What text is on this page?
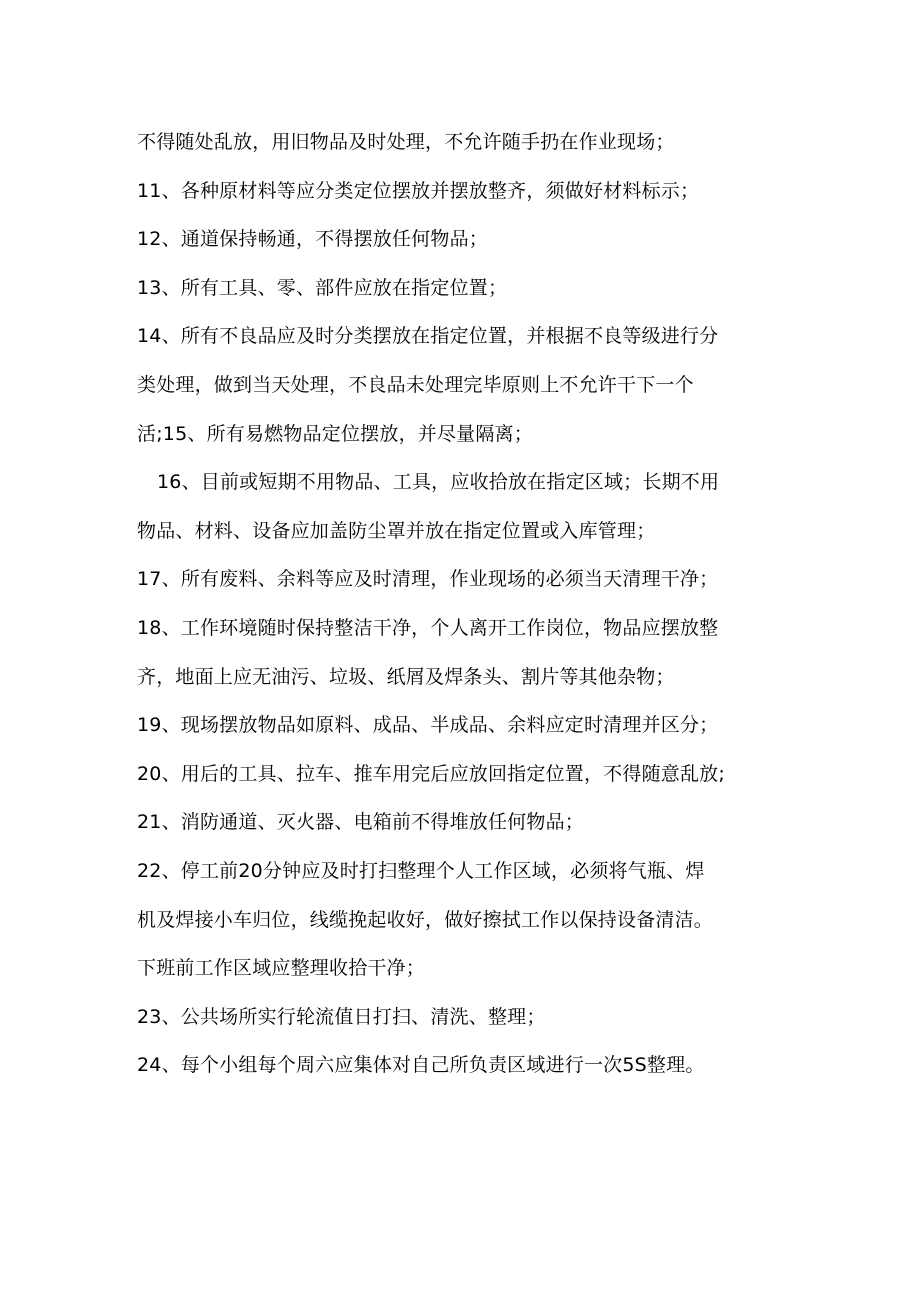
不得随处乱放，用旧物品及时处理，不允许随手扔在作业现场；
11、各种原材料等应分类定位摆放并摆放整齐，须做好材料标示；
12、通道保持畅通，不得摆放任何物品；
13、所有工具、零、部件应放在指定位置；
14、所有不良品应及时分类摆放在指定位置，并根据不良等级进行分
类处理，做到当天处理，不良品未处理完毕原则上不允许干下一个
活;15、所有易燃物品定位摆放，并尽量隔离；
16、目前或短期不用物品、工具，应收拾放在指定区域；长期不用
物品、材料、设备应加盖防尘罩并放在指定位置或入库管理；
17、所有废料、余料等应及时清理，作业现场的必须当天清理干净；
18、工作环境随时保持整洁干净，个人离开工作岗位，物品应摆放整
齐，地面上应无油污、垃圾、纸屑及焊条头、割片等其他杂物；
19、现场摆放物品如原料、成品、半成品、余料应定时清理并区分；
20、用后的工具、拉车、推车用完后应放回指定位置，不得随意乱放;
21、消防通道、灭火器、电箱前不得堆放任何物品；
22、停工前20分钟应及时打扫整理个人工作区域，必须将气瓶、焊
机及焊接小车归位，线缆挽起收好，做好擦拭工作以保持设备清洁。
下班前工作区域应整理收拾干净；
23、公共场所实行轮流值日打扫、清洗、整理；
24、每个小组每个周六应集体对自己所负责区域进行一次5S整理。
